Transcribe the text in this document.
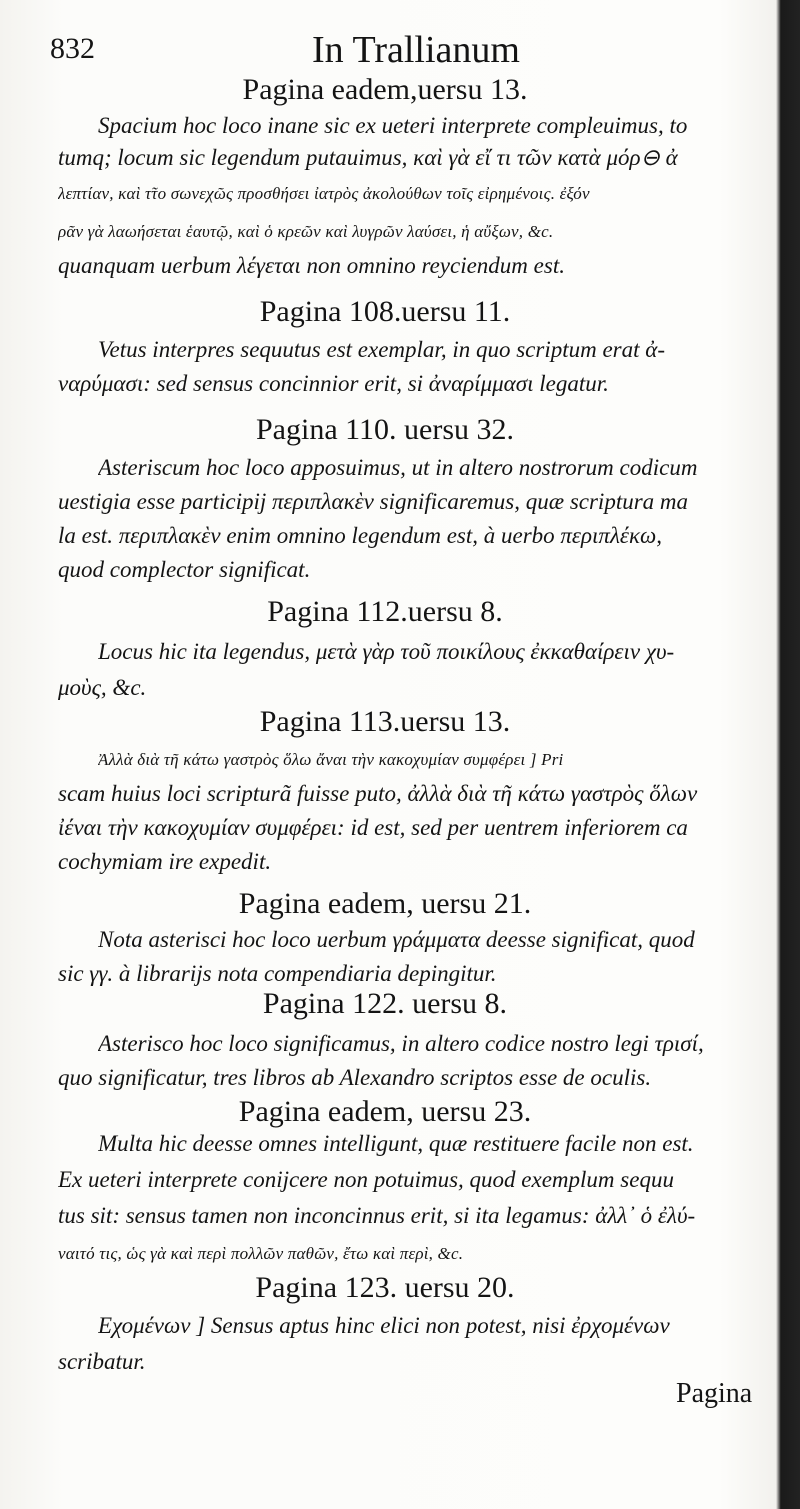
832	In Trallianum
Pagina eadem,uersu 13.
Spacium hoc loco inane sic ex ueteri interprete compleuimus, to
tumq; locum sic legendum putauimus, καὶ γὰ εἴ τι τῶν κατὰ μόρ⊖ ἀ
λεπτίαν, καὶ τ̃το σωνεχῶς προσθήσει ἰατρὸς ἀκολούθων τοῖς εἰρημένοις. ἐξόν
ρᾶν γὰ λαωήσεται ἑαυτῷ, καὶ ὁ κρεῶν καὶ λυγρῶν λαύσει, ἡ αὔξων, &c.
quanquam uerbum λέγεται non omnino reyciendum est.
Pagina 108.uersu 11.
Vetus interpres sequutus est exemplar, in quo scriptum erat ἀ-
ναρύμασι: sed sensus concinnior erit, si ἀναρίμμασι legatur.
Pagina 110. uersu 32.
Asteriscum hoc loco apposuimus, ut in altero nostrorum codicum
uestigia esse participij περιπλακὲν significaremus, quæ scriptura ma
la est. περιπλακὲν enim omnino legendum est, à uerbo περιπλέκω,
quod complector significat.
Pagina 112.uersu 8.
Locus hic ita legendus, μετὰ γὰρ τοῦ ποικίλους ἐκκαθαίρειν χυ-
μοὺς, &c.
Pagina 113.uersu 13.
Ἀλλὰ διὰ τῆ κάτω γαστρὸς ὅλω ἄναι τὴν κακοχυμίαν συμφέρει ] Pri
scam huius loci scripturã fuisse puto, ἀλλὰ διὰ τῆ κάτω γαστρὸς ὅλων
ἰέναι τὴν κακοχυμίαν συμφέρει: id est, sed per uentrem inferiorem ca
cochymiam ire expedit.
Pagina eadem, uersu 21.
Nota asterisci hoc loco uerbum γράμματα deesse significat, quod
sic γγ. à librarijs nota compendiaria depingitur.
Pagina 122. uersu 8.
Asterisco hoc loco significamus, in altero codice nostro legi τρισί,
quo significatur, tres libros ab Alexandro scriptos esse de oculis.
Pagina eadem, uersu 23.
Multa hic deesse omnes intelligunt, quæ restituere facile non est.
Ex ueteri interprete conijcere non potuimus, quod exemplum sequu
tus sit: sensus tamen non inconcinnus erit, si ita legamus: ἀλλ᾽ ὁ ἐλύ-
ναιτό τις, ὡς γὰ καὶ περὶ πολλῶν παθῶν, ἔτω καὶ περὶ, &c.
Pagina 123. uersu 20.
Εχομένων ] Sensus aptus hinc elici non potest, nisi ἐρχομένων
scribatur.
Pagina
